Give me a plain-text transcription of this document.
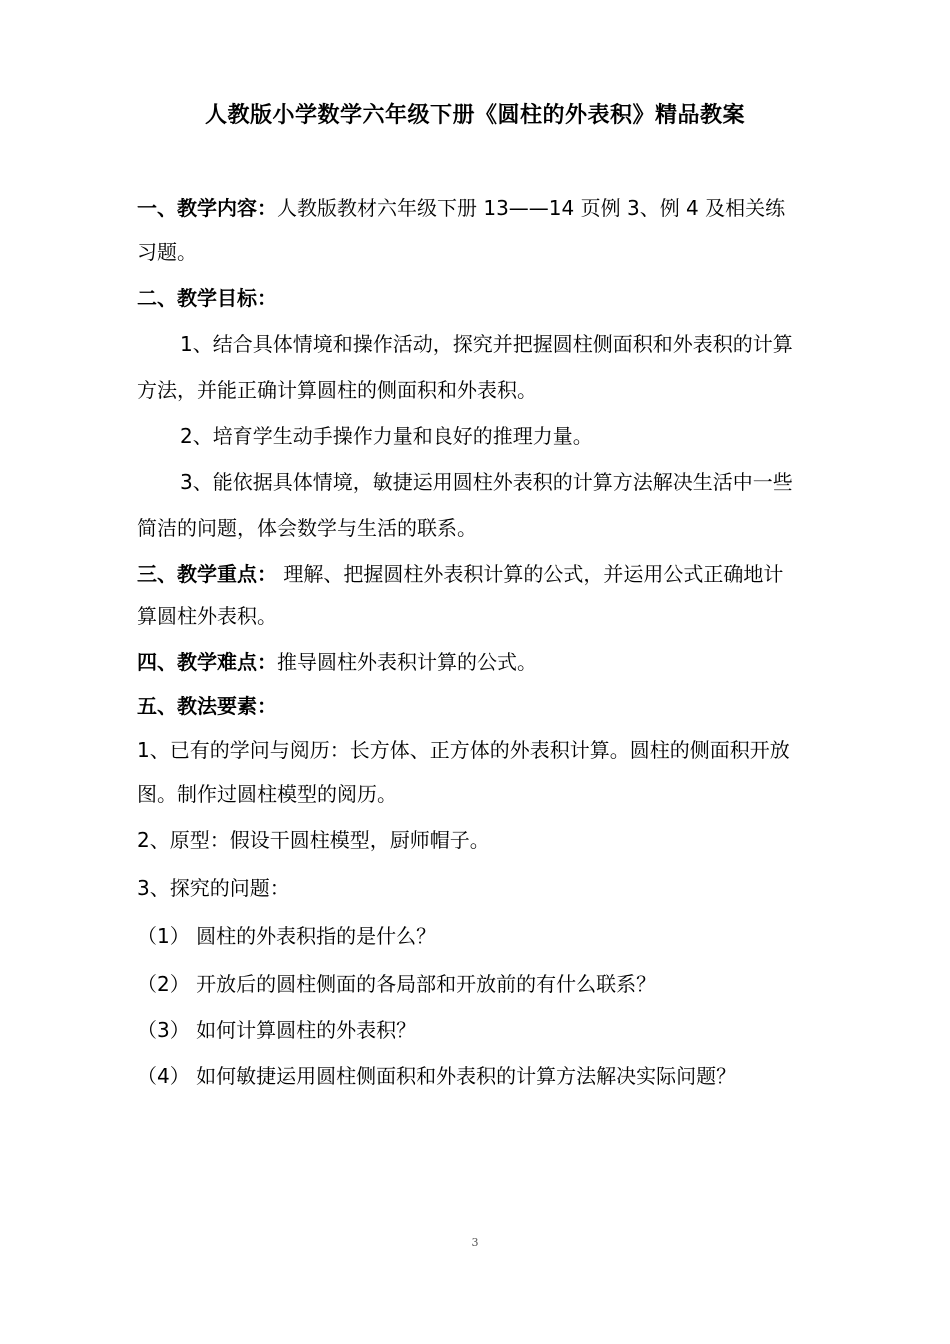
人教版小学数学六年级下册《圆柱的外表积》精品教案
一、教学内容：人教版教材六年级下册 13——14 页例 3、例 4 及相关练
习题。
二、教学目标：
1、结合具体情境和操作活动，探究并把握圆柱侧面积和外表积的计算
方法，并能正确计算圆柱的侧面积和外表积。
2、培育学生动手操作力量和良好的推理力量。
3、能依据具体情境，敏捷运用圆柱外表积的计算方法解决生活中一些
简洁的问题，体会数学与生活的联系。
三、教学重点： 理解、把握圆柱外表积计算的公式，并运用公式正确地计
算圆柱外表积。
四、教学难点：推导圆柱外表积计算的公式。
五、教法要素：
1、已有的学问与阅历：长方体、正方体的外表积计算。圆柱的侧面积开放
图。制作过圆柱模型的阅历。
2、原型：假设干圆柱模型，厨师帽子。
3、探究的问题：
（1） 圆柱的外表积指的是什么？
（2） 开放后的圆柱侧面的各局部和开放前的有什么联系？
（3） 如何计算圆柱的外表积？
（4） 如何敏捷运用圆柱侧面积和外表积的计算方法解决实际问题？
3
